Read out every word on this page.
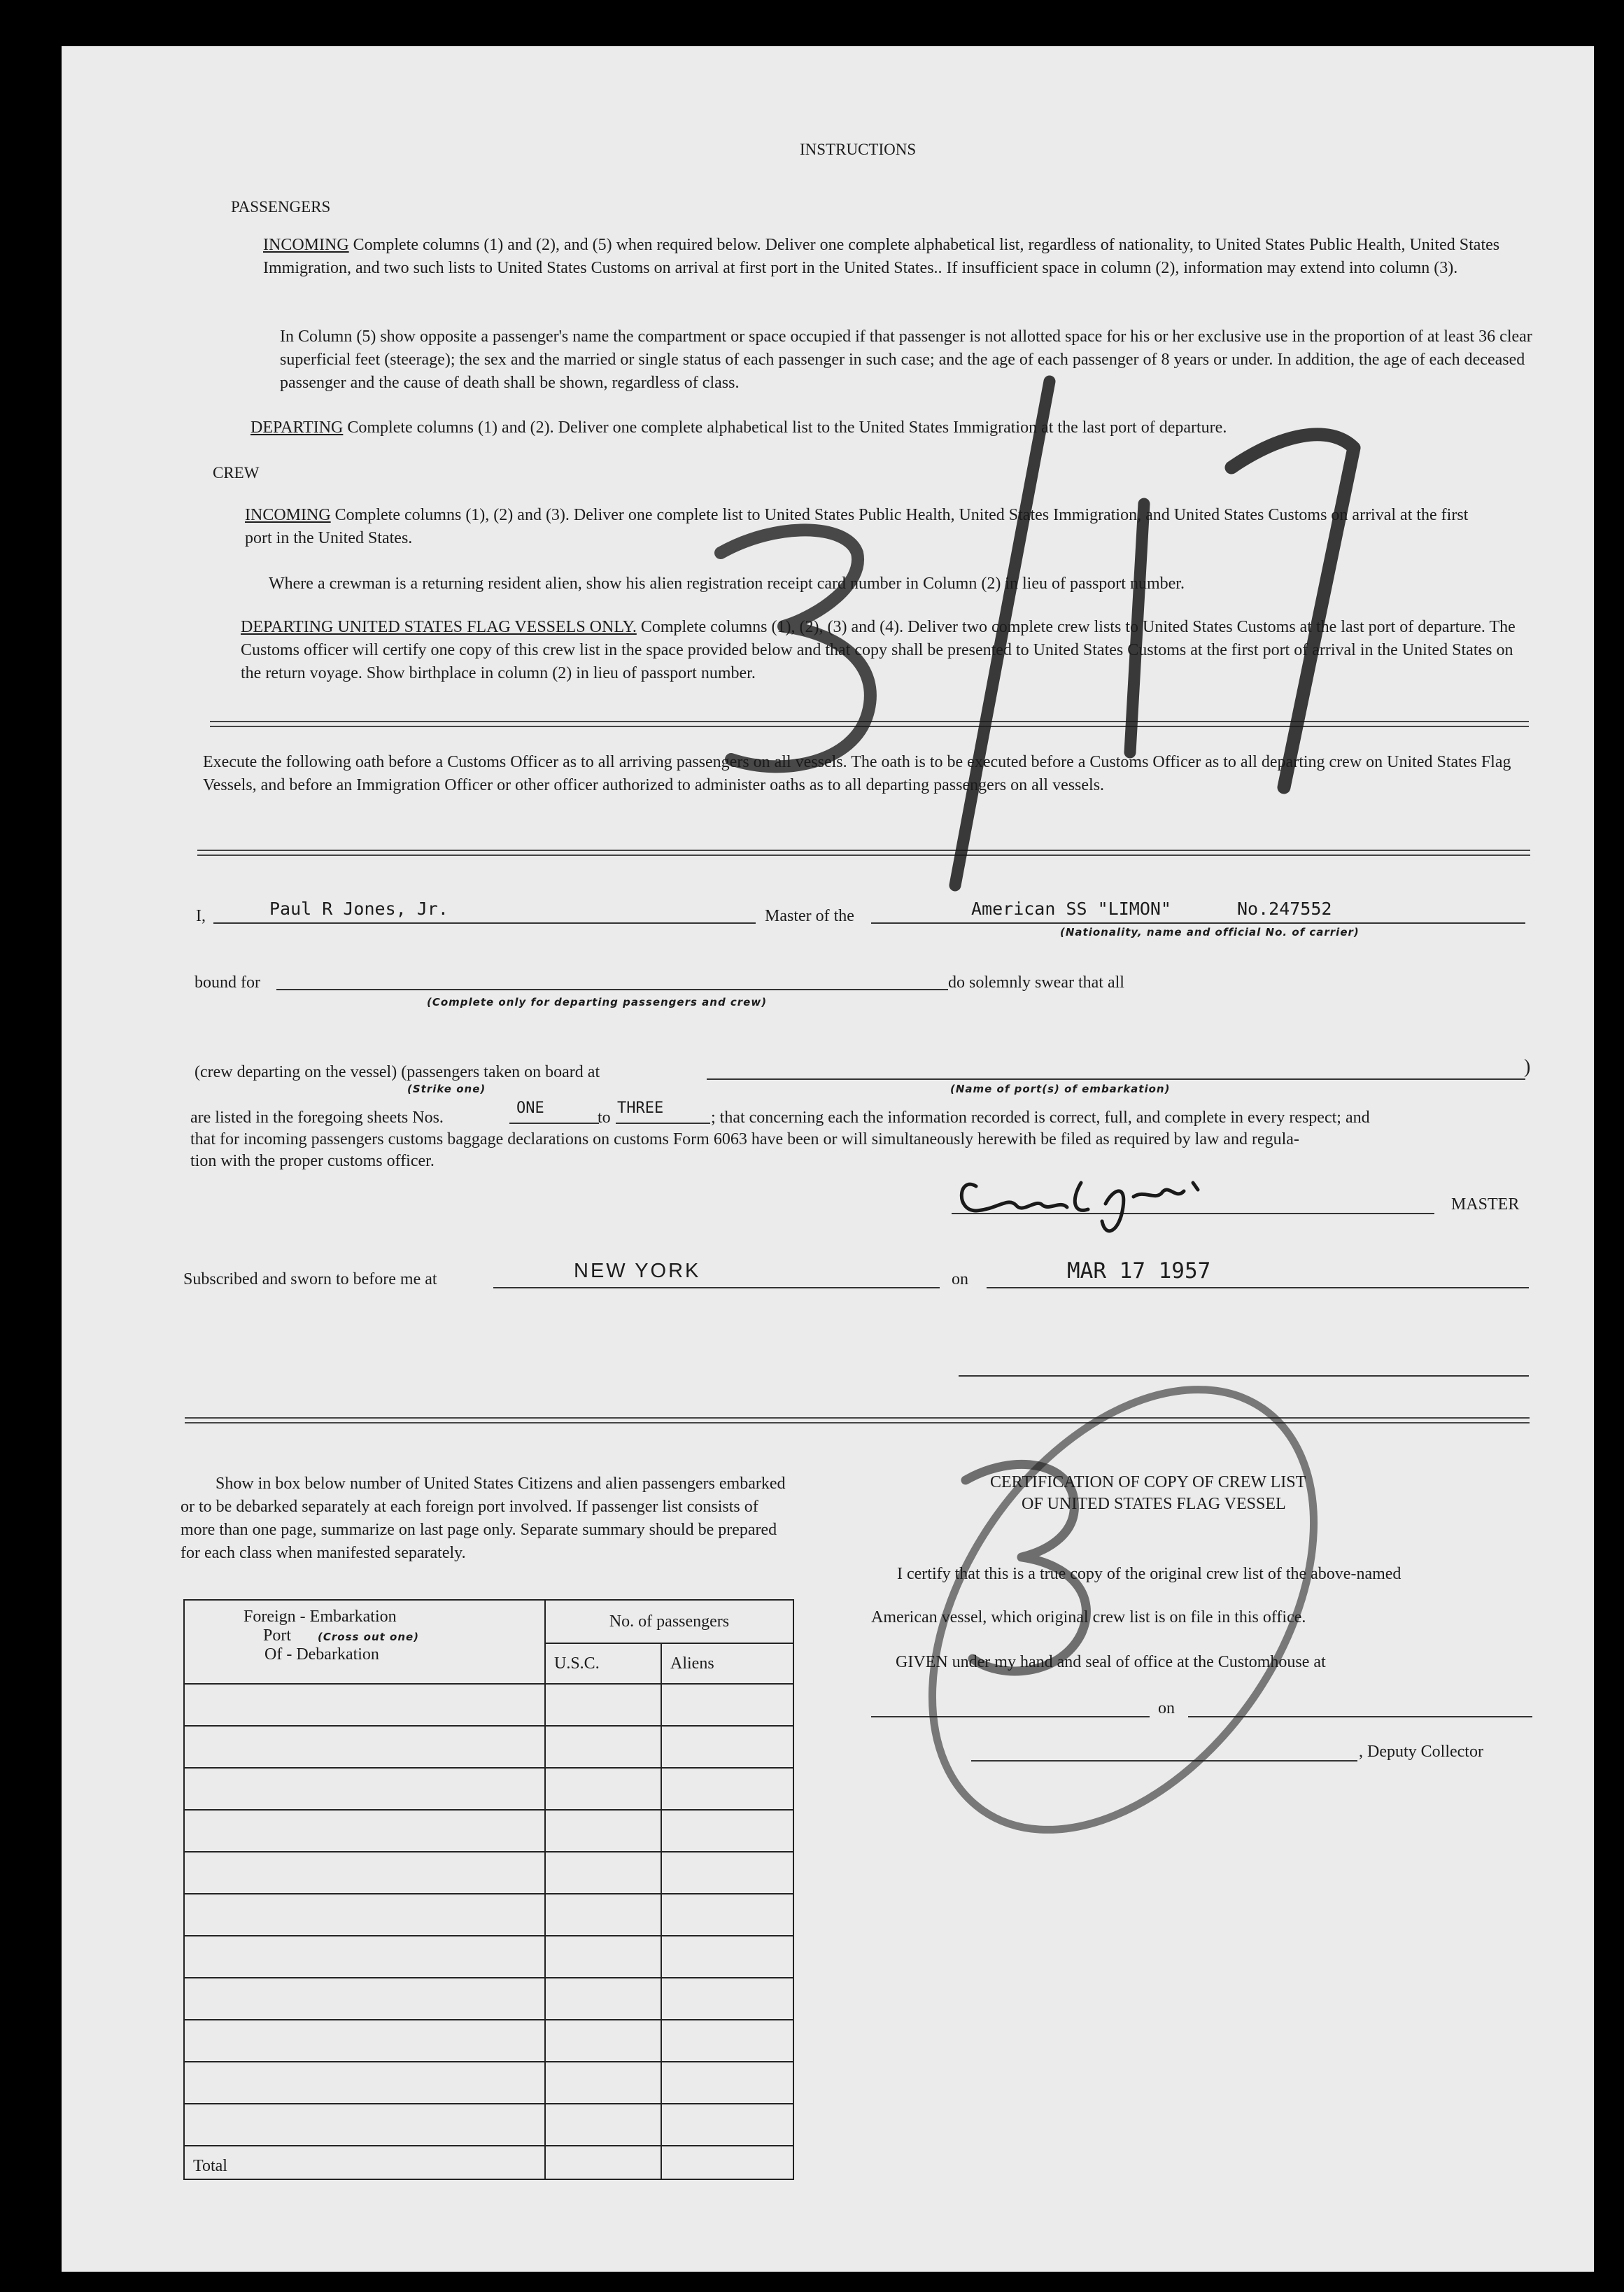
INSTRUCTIONS
PASSENGERS
INCOMING Complete columns (1) and (2), and (5) when required below. Deliver one complete alphabetical list, regardless of nationality, to United States Public Health, United States Immigration, and two such lists to United States Customs on arrival at first port in the United States.. If insufficient space in column (2), information may extend into column (3).
In Column (5) show opposite a passenger's name the compartment or space occupied if that passenger is not allotted space for his or her exclusive use in the proportion of at least 36 clear superficial feet (steerage); the sex and the married or single status of each passenger in such case; and the age of each passenger of 8 years or under. In addition, the age of each deceased passenger and the cause of death shall be shown, regardless of class.
DEPARTING Complete columns (1) and (2). Deliver one complete alphabetical list to the United States Immigration at the last port of departure.
CREW
INCOMING Complete columns (1), (2) and (3). Deliver one complete list to United States Public Health, United States Immigration, and United States Customs on arrival at the first port in the United States.
Where a crewman is a returning resident alien, show his alien registration receipt card number in Column (2) in lieu of passport number.
DEPARTING UNITED STATES FLAG VESSELS ONLY. Complete columns (1), (2), (3) and (4). Deliver two complete crew lists to United States Customs at the last port of departure. The Customs officer will certify one copy of this crew list in the space provided below and that copy shall be presented to United States Customs at the first port of arrival in the United States on the return voyage. Show birthplace in column (2) in lieu of passport number.
Execute the following oath before a Customs Officer as to all arriving passengers on all vessels. The oath is to be executed before a Customs Officer as to all departing crew on United States Flag Vessels, and before an Immigration Officer or other officer authorized to administer oaths as to all departing passengers on all vessels.
I,	Paul R Jones, Jr.	Master of the	American SS "LIMON"	No.247552
(Nationality, name and official No. of carrier)
bound for	do solemnly swear that all
(Complete only for departing passengers and crew)
(crew departing on the vessel) (passengers taken on board at	)
(Strike one)	(Name of port(s) of embarkation)
are listed in the foregoing sheets Nos.
ONE
to
THREE
; that concerning each the information recorded is correct, full, and complete in every respect; and
that for incoming passengers customs baggage declarations on customs Form 6063 have been or will simultaneously herewith be filed as required by law and regula-
tion with the proper customs officer.
MASTER
Subscribed and sworn to before me at	NEW YORK	on	MAR 17 1957
Show in box below number of United States Citizens and alien passengers embarked or to be debarked separately at each foreign port involved. If passenger list consists of more than one page, summarize on last page only. Separate summary should be prepared for each class when manifested separately.
Foreign - Embarkation
Port (Cross out one)
Of - Debarkation	No. of passengers	
	U.S.C.	Aliens

Total		
CERTIFICATION OF COPY OF CREW LIST
OF UNITED STATES FLAG VESSEL
I certify that this is a true copy of the original crew list of the above-named
American vessel, which original crew list is on file in this office.
GIVEN under my hand and seal of office at the Customhouse at
on
, Deputy Collector
